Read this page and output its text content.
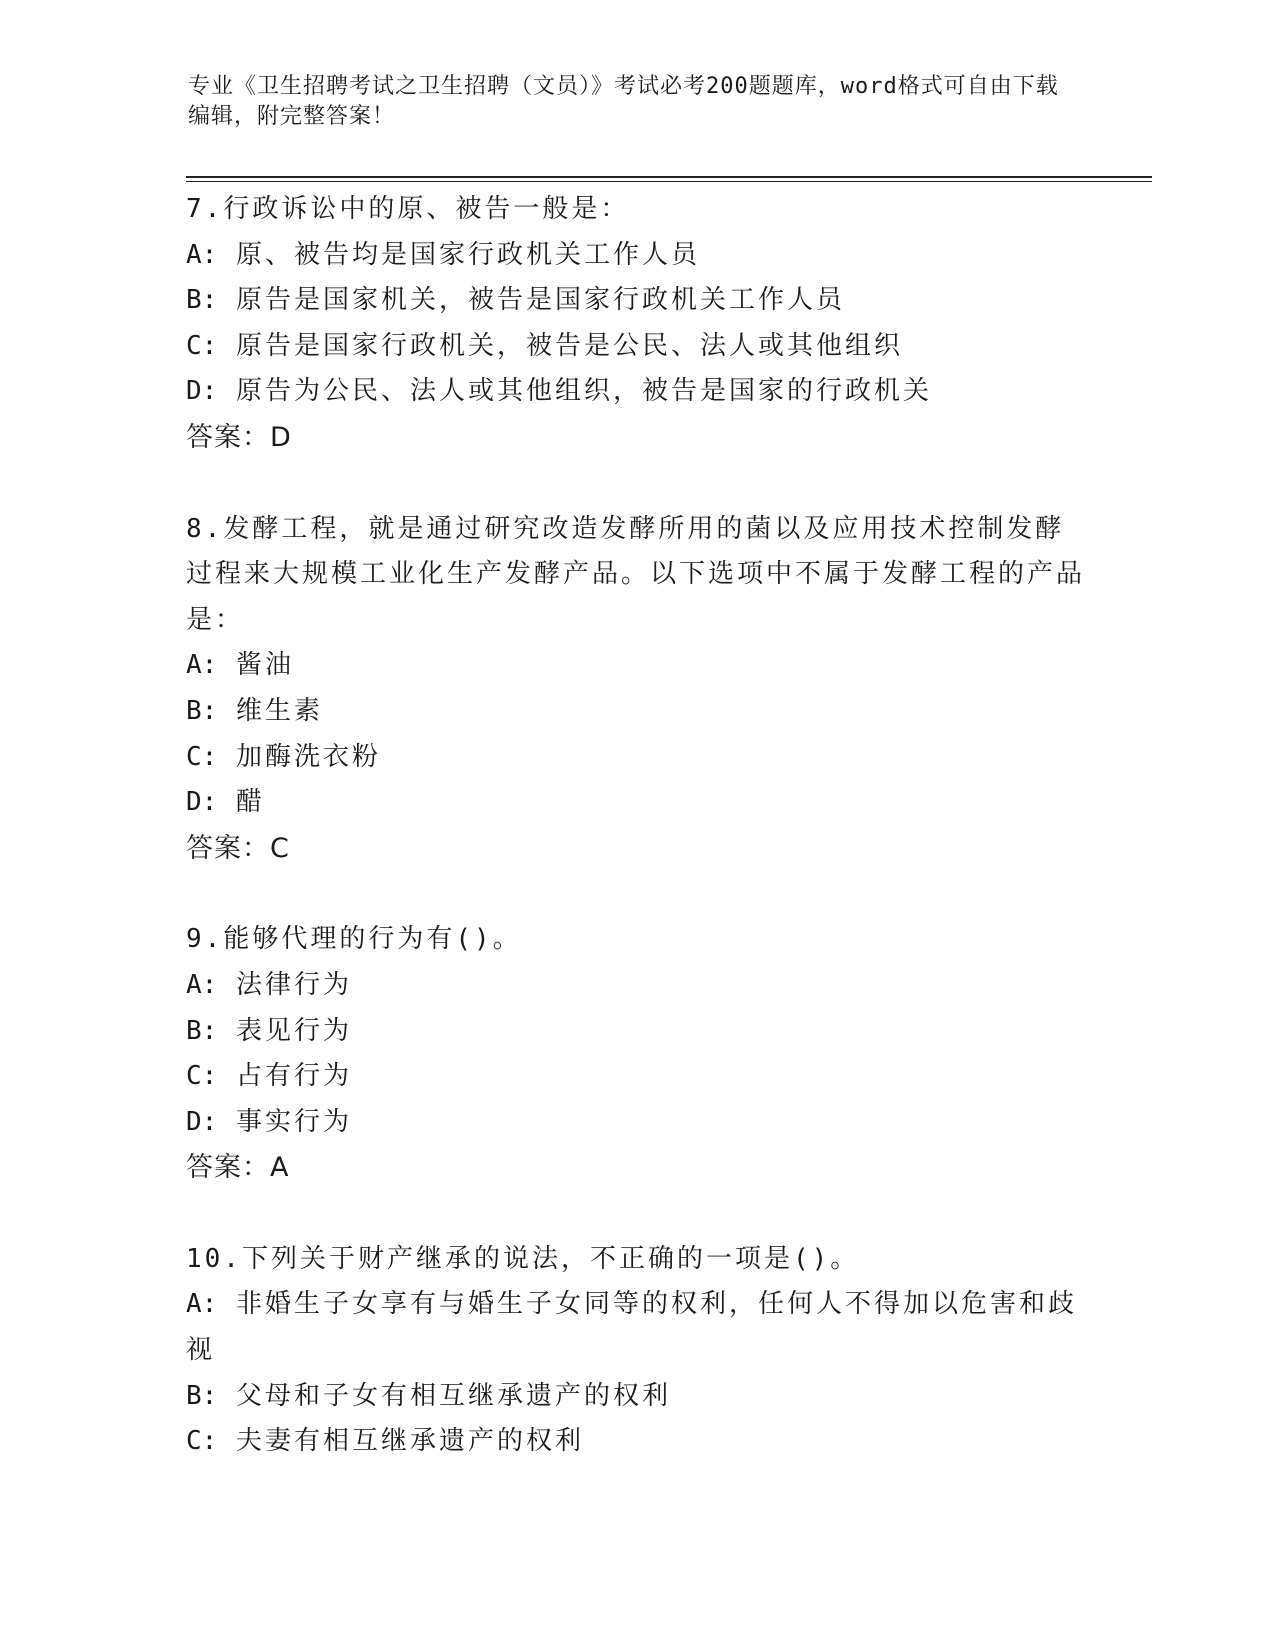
专业《卫生招聘考试之卫生招聘（文员）》考试必考200题题库，word格式可自由下载编辑，附完整答案！
7.行政诉讼中的原、被告一般是：
A: 原、被告均是国家行政机关工作人员
B: 原告是国家机关，被告是国家行政机关工作人员
C: 原告是国家行政机关，被告是公民、法人或其他组织
D: 原告为公民、法人或其他组织，被告是国家的行政机关
答案：D
8.发酵工程，就是通过研究改造发酵所用的菌以及应用技术控制发酵过程来大规模工业化生产发酵产品。以下选项中不属于发酵工程的产品是：
A: 酱油
B: 维生素
C: 加酶洗衣粉
D: 醋
答案：C
9.能够代理的行为有()。
A: 法律行为
B: 表见行为
C: 占有行为
D: 事实行为
答案：A
10.下列关于财产继承的说法，不正确的一项是()。
A: 非婚生子女享有与婚生子女同等的权利，任何人不得加以危害和歧视
B: 父母和子女有相互继承遗产的权利
C: 夫妻有相互继承遗产的权利
